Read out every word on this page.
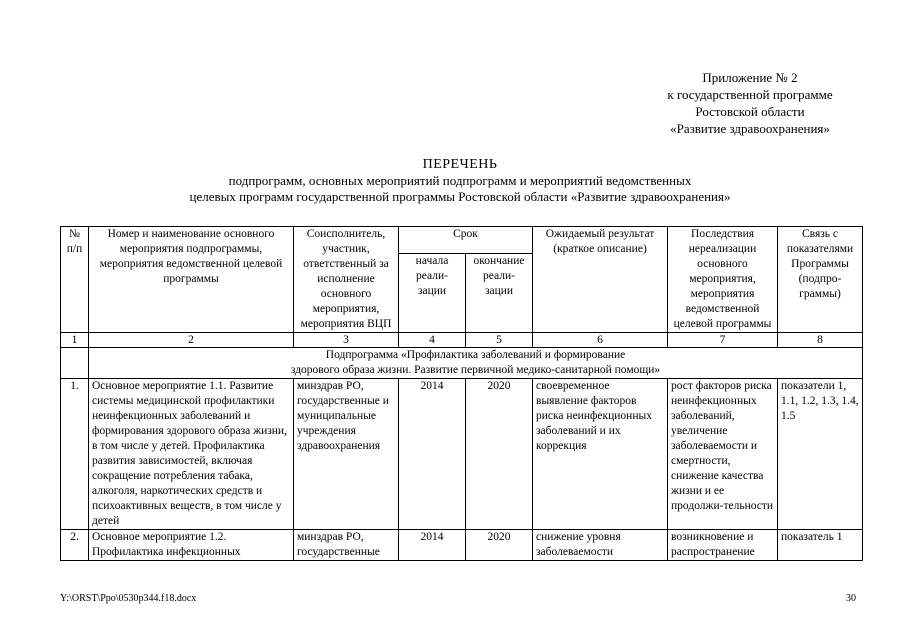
Приложение № 2
к государственной программе
Ростовской области
«Развитие здравоохранения»
ПЕРЕЧЕНЬ
подпрограмм, основных мероприятий подпрограмм и мероприятий ведомственных
целевых программ государственной программы Ростовской области «Развитие здравоохранения»
№ п/п	Номер и наименование основного мероприятия подпрограммы, мероприятия ведомственной целевой программы	Соисполнитель, участник, ответственный за исполнение основного мероприятия, мероприятия ВЦП	Срок		Ожидаемый результат (краткое описание)	Последствия нереализации основного мероприятия, мероприятия ведомственной целевой программы	Связь с показателями Программы (подпро-граммы)
			начала реали-зации	окончание реали-зации			
1	2	3	4	5	6	7	8

	Подпрограмма «Профилактика заболеваний и формирование
здорового образа жизни. Развитие первичной медико-санитарной помощи»						

1.	Основное мероприятие 1.1. Развитие системы медицинской профилактики неинфекционных заболеваний и формирования здорового образа жизни, в том числе у детей. Профилактика развития зависимостей, включая сокращение потребления табака, алкоголя, наркотических средств и психоактивных веществ, в том числе у детей	минздрав РО, государственные и муниципальные учреждения здравоохранения	2014	2020	своевременное выявление факторов риска неинфекционных заболеваний и их коррекция	рост факторов риска неинфекционных заболеваний, увеличение заболеваемости и смертности, снижение качества жизни и ее продолжи-тельности	показатели 1, 1.1, 1.2, 1.3, 1.4, 1.5
2.	Основное мероприятие 1.2. Профилактика инфекционных	минздрав РО, государственные	2014	2020	снижение уровня заболеваемости	возникновение и распространение	показатель 1
Y:\ORST\Ppo\0530p344.f18.docx	30
